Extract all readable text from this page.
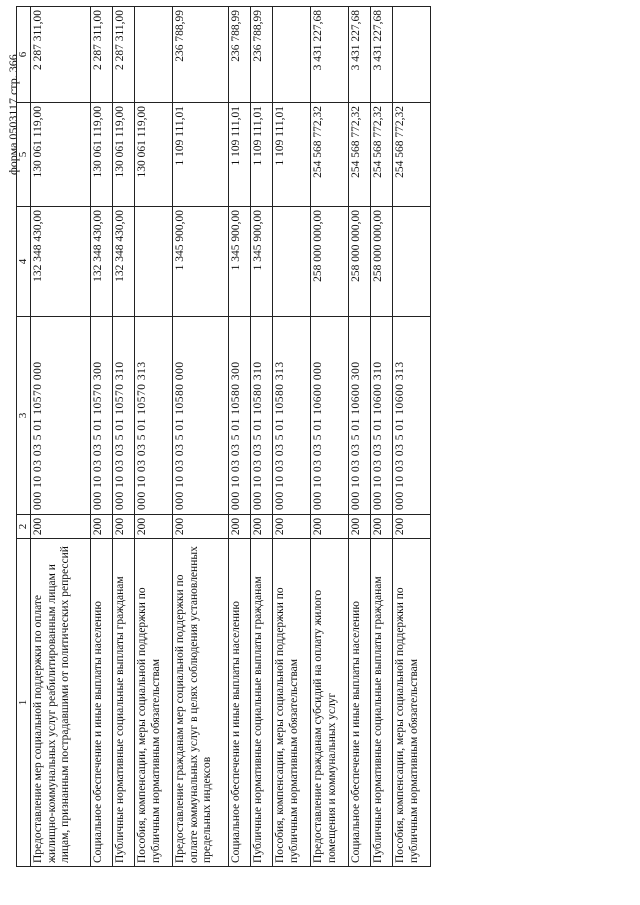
форма 0503117 стр. 366
1	2	3	4	5	6
Предоставление мер социальной поддержки по оплате жилищно-коммунальных услуг реабилитированным лицам и лицам, признанным пострадавшими от политических репрессий	200	000 10 03 03 5 01 10570 000	132 348 430,00	130 061 119,00	2 287 311,00
Социальное обеспечение и иные выплаты населению	200	000 10 03 03 5 01 10570 300	132 348 430,00	130 061 119,00	2 287 311,00
Публичные нормативные социальные выплаты гражданам	200	000 10 03 03 5 01 10570 310	132 348 430,00	130 061 119,00	2 287 311,00
Пособия, компенсации, меры социальной поддержки по публичным нормативным обязательствам	200	000 10 03 03 5 01 10570 313		130 061 119,00	
Предоставление гражданам мер социальной поддержки по оплате коммунальных услуг в целях соблюдения установленных предельных индексов	200	000 10 03 03 5 01 10580 000	1 345 900,00	1 109 111,01	236 788,99
Социальное обеспечение и иные выплаты населению	200	000 10 03 03 5 01 10580 300	1 345 900,00	1 109 111,01	236 788,99
Публичные нормативные социальные выплаты гражданам	200	000 10 03 03 5 01 10580 310	1 345 900,00	1 109 111,01	236 788,99
Пособия, компенсации, меры социальной поддержки по публичным нормативным обязательствам	200	000 10 03 03 5 01 10580 313		1 109 111,01	
Предоставление гражданам субсидий на оплату жилого помещения и коммунальных услуг	200	000 10 03 03 5 01 10600 000	258 000 000,00	254 568 772,32	3 431 227,68
Социальное обеспечение и иные выплаты населению	200	000 10 03 03 5 01 10600 300	258 000 000,00	254 568 772,32	3 431 227,68
Публичные нормативные социальные выплаты гражданам	200	000 10 03 03 5 01 10600 310	258 000 000,00	254 568 772,32	3 431 227,68
Пособия, компенсации, меры социальной поддержки по публичным нормативным обязательствам	200	000 10 03 03 5 01 10600 313		254 568 772,32	
